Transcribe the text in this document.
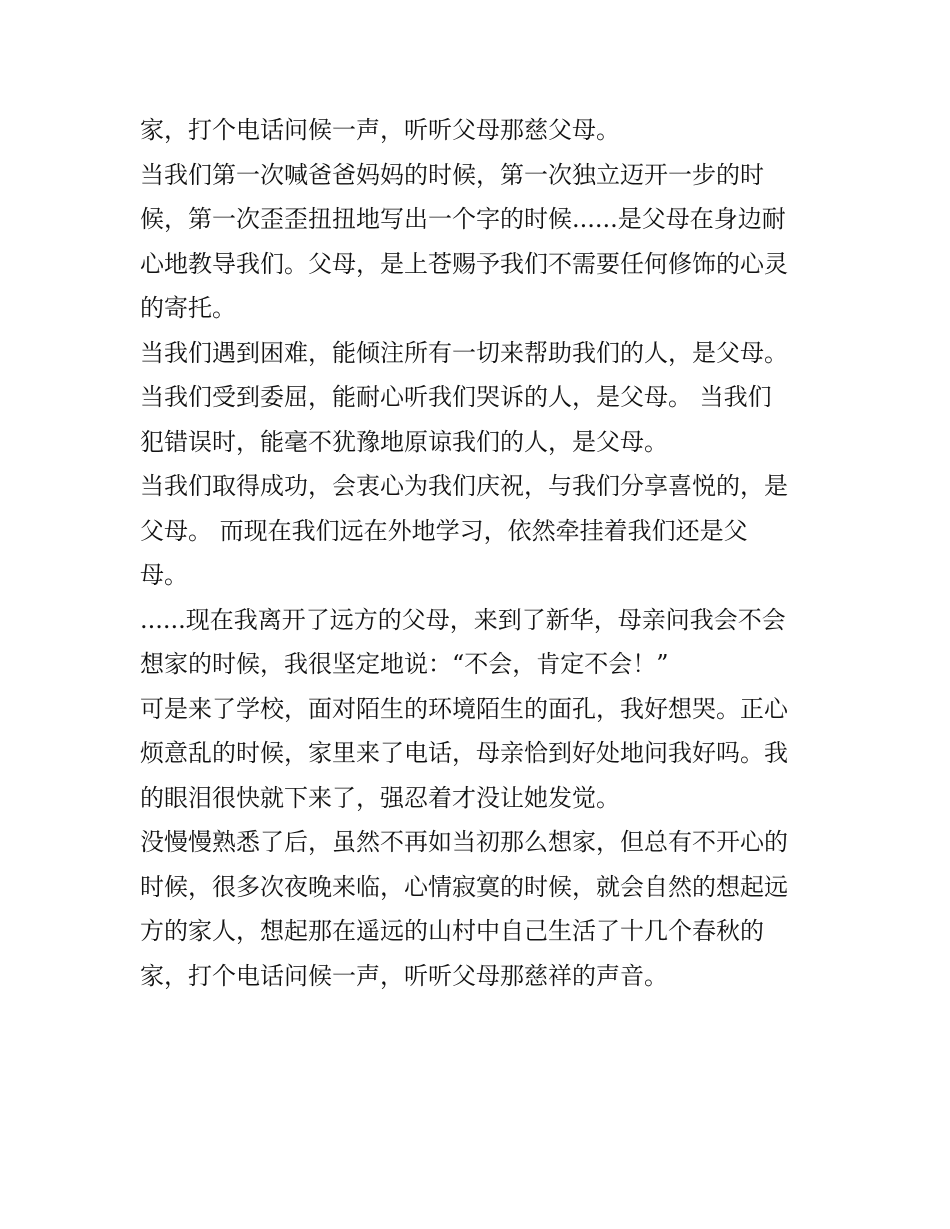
家，打个电话问候一声，听听父母那慈父母。
当我们第一次喊爸爸妈妈的时候，第一次独立迈开一步的时
候，第一次歪歪扭扭地写出一个字的时候......是父母在身边耐
心地教导我们。父母，是上苍赐予我们不需要任何修饰的心灵
的寄托。
当我们遇到困难，能倾注所有一切来帮助我们的人，是父母。
当我们受到委屈，能耐心听我们哭诉的人，是父母。 当我们
犯错误时，能毫不犹豫地原谅我们的人，是父母。
当我们取得成功，会衷心为我们庆祝，与我们分享喜悦的，是
父母。 而现在我们远在外地学习，依然牵挂着我们还是父
母。
......现在我离开了远方的父母，来到了新华，母亲问我会不会
想家的时候，我很坚定地说：“不会，肯定不会！”
可是来了学校，面对陌生的环境陌生的面孔，我好想哭。正心
烦意乱的时候，家里来了电话，母亲恰到好处地问我好吗。我
的眼泪很快就下来了，强忍着才没让她发觉。
没慢慢熟悉了后，虽然不再如当初那么想家，但总有不开心的
时候，很多次夜晚来临，心情寂寞的时候，就会自然的想起远
方的家人，想起那在遥远的山村中自己生活了十几个春秋的
家，打个电话问候一声，听听父母那慈祥的声音。
